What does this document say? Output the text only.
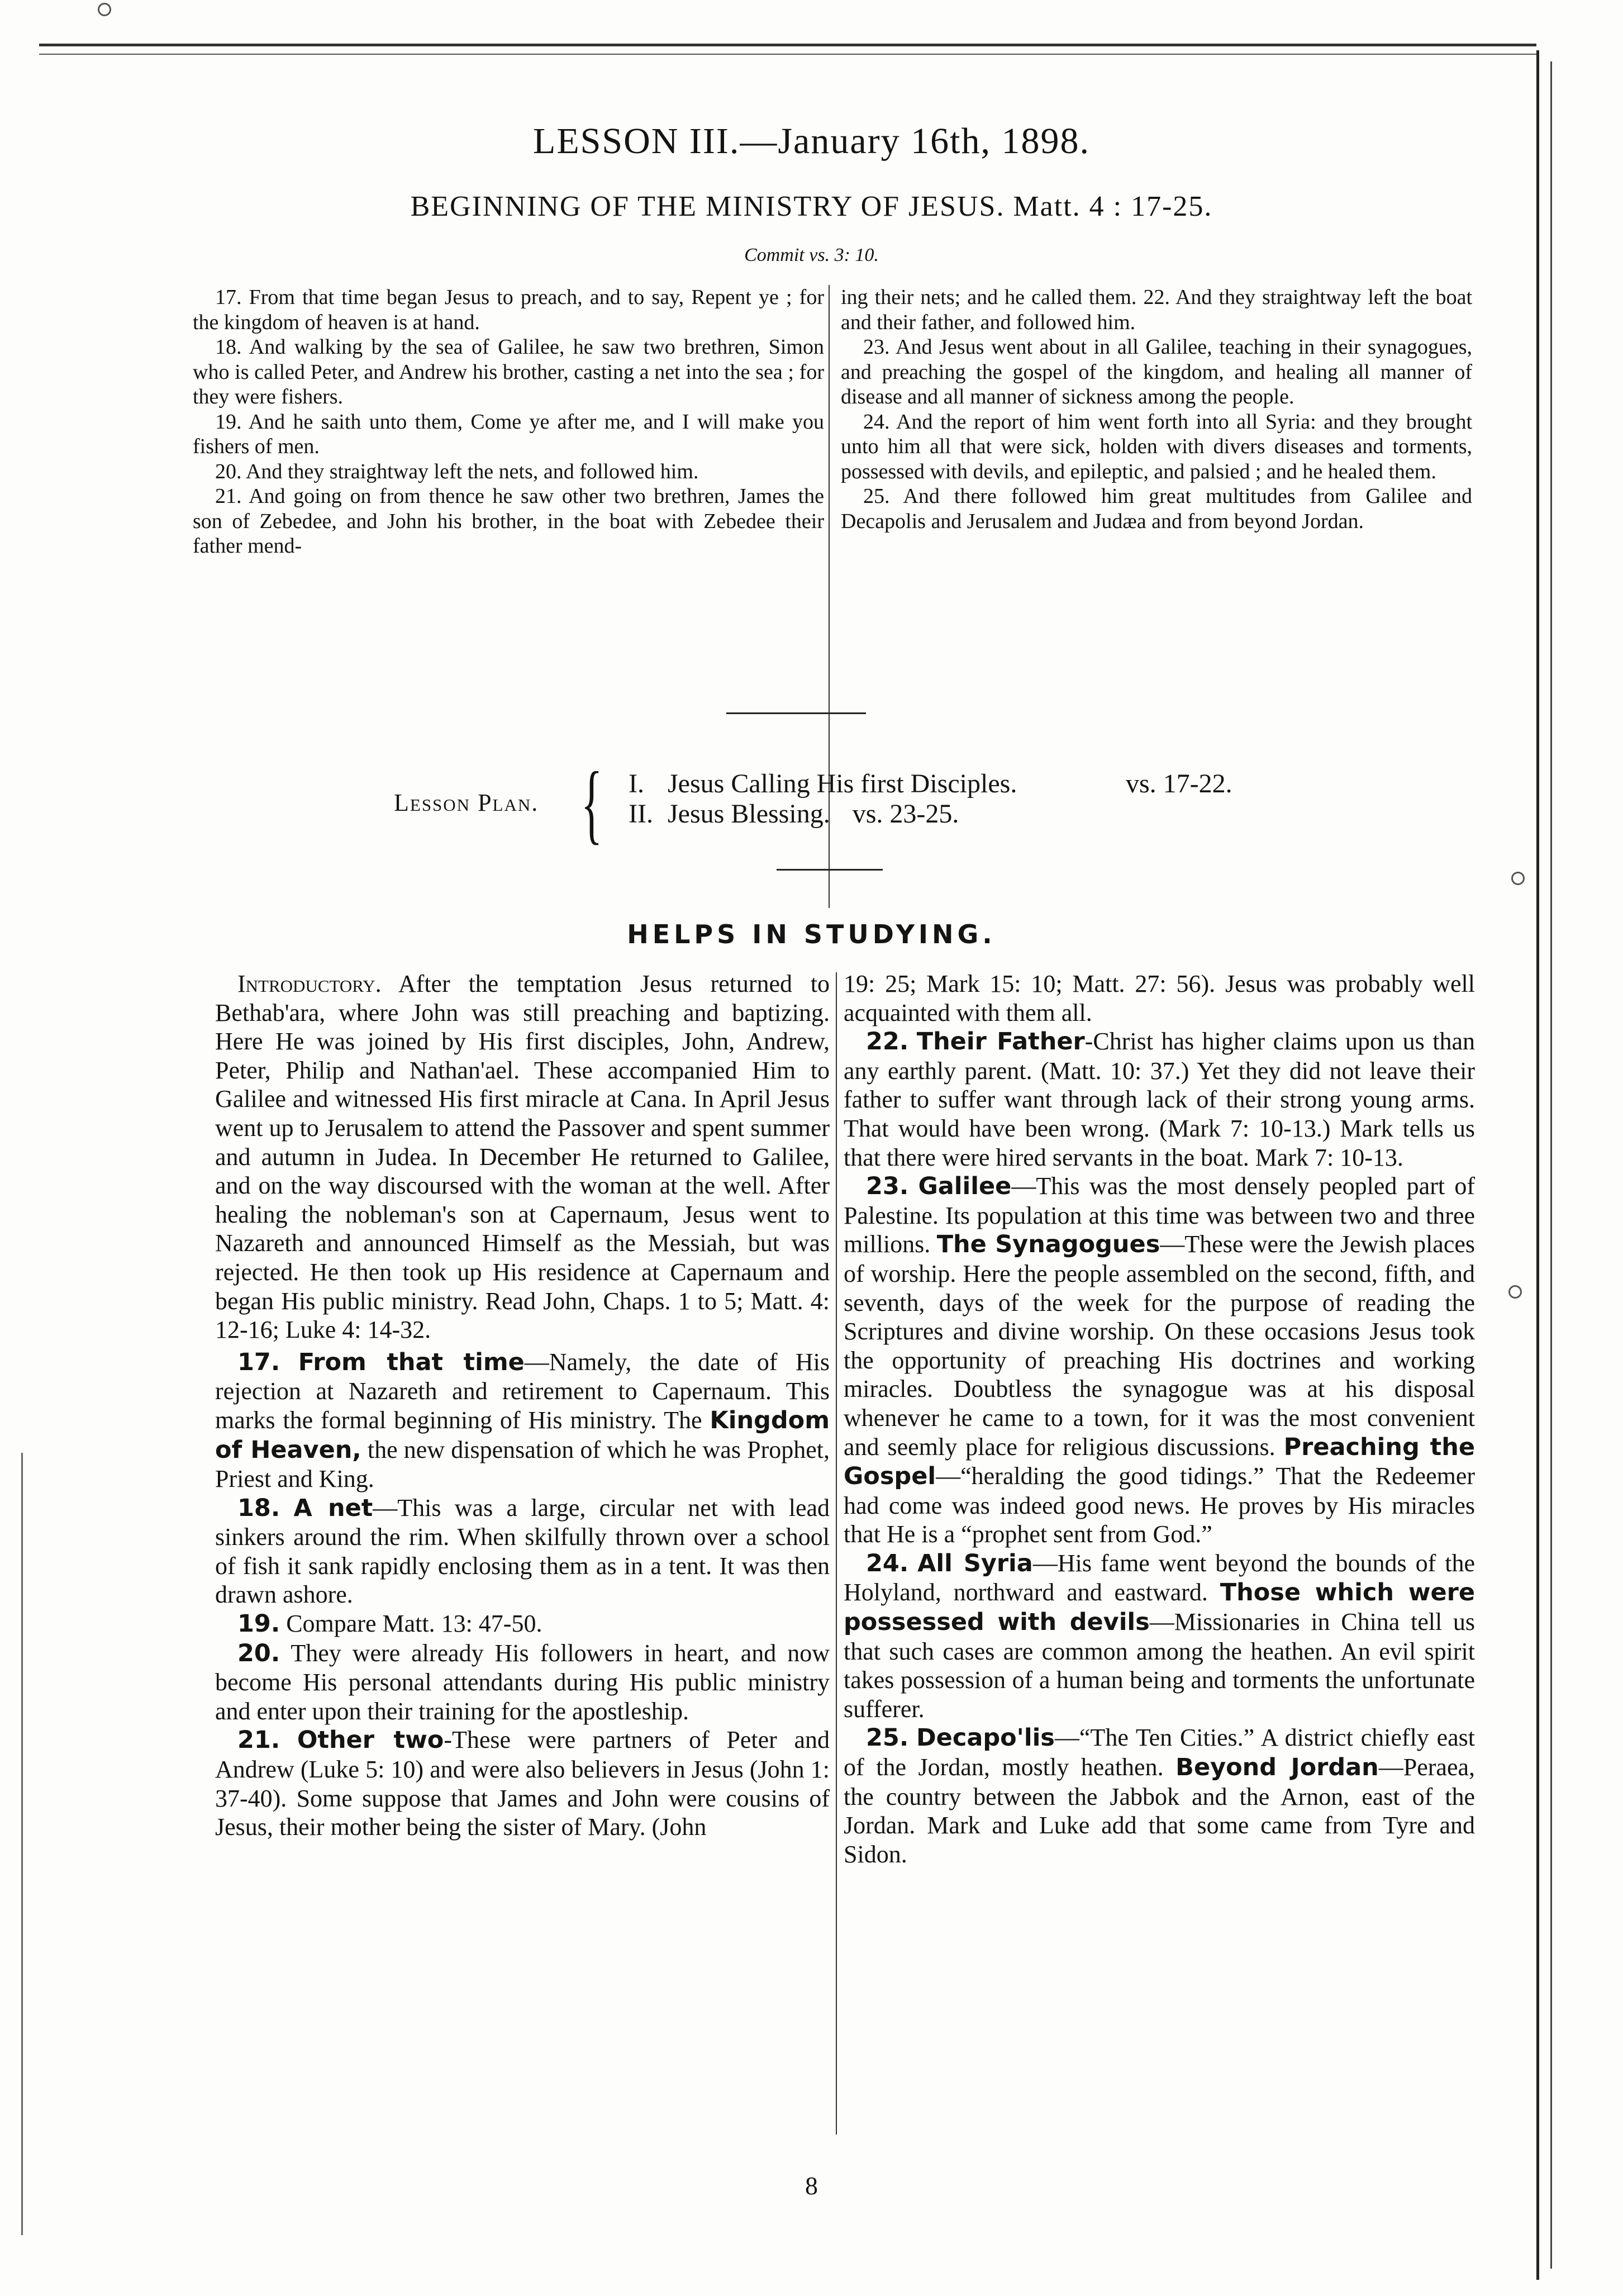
LESSON III.—January 16th, 1898.
BEGINNING OF THE MINISTRY OF JESUS. Matt. 4 : 17-25.
Commit vs. 3: 10.

17. From that time began Jesus to preach, and to say, Repent ye ; for the kingdom of heaven is at hand.

18. And walking by the sea of Galilee, he saw two brethren, Simon who is called Peter, and Andrew his brother, casting a net into the sea ; for they were fishers.

19. And he saith unto them, Come ye after me, and I will make you fishers of men.

20. And they straightway left the nets, and followed him.

21. And going on from thence he saw other two brethren, James the son of Zebedee, and John his brother, in the boat with Zebedee their father mend-

ing their nets; and he called them. 22. And they straightway left the boat and their father, and followed him.

23. And Jesus went about in all Galilee, teaching in their synagogues, and preaching the gospel of the kingdom, and healing all manner of disease and all manner of sickness among the people.

24. And the report of him went forth into all Syria: and they brought unto him all that were sick, holden with divers diseases and torments, possessed with devils, and epileptic, and palsied ; and he healed them.

25. And there followed him great multitudes from Galilee and Decapolis and Jerusalem and Judæa and from beyond Jordan.

Lesson Plan. { I. Jesus Calling His first Disciples.	vs. 17-22.
II. Jesus Blessing. vs. 23-25.
HELPS IN STUDYING.

Introductory. After the temptation Jesus returned to Bethab'ara, where John was still preaching and baptizing. Here He was joined by His first disciples, John, Andrew, Peter, Philip and Nathan'ael. These accompanied Him to Galilee and witnessed His first miracle at Cana. In April Jesus went up to Jerusalem to attend the Passover and spent summer and autumn in Judea. In December He returned to Galilee, and on the way discoursed with the woman at the well. After healing the nobleman's son at Capernaum, Jesus went to Nazareth and announced Himself as the Messiah, but was rejected. He then took up His residence at Capernaum and began His public ministry. Read John, Chaps. 1 to 5; Matt. 4: 12-16; Luke 4: 14-32.

17. From that time—Namely, the date of His rejection at Nazareth and retirement to Capernaum. This marks the formal beginning of His ministry. The Kingdom of Heaven, the new dispensation of which he was Prophet, Priest and King.

18. A net—This was a large, circular net with lead sinkers around the rim. When skilfully thrown over a school of fish it sank rapidly enclosing them as in a tent. It was then drawn ashore.

19. Compare Matt. 13: 47-50.

20. They were already His followers in heart, and now become His personal attendants during His public ministry and enter upon their training for the apostleship.

21. Other two-These were partners of Peter and Andrew (Luke 5: 10) and were also believers in Jesus (John 1: 37-40). Some suppose that James and John were cousins of Jesus, their mother being the sister of Mary. (John

19: 25; Mark 15: 10; Matt. 27: 56). Jesus was probably well acquainted with them all.

22. Their Father-Christ has higher claims upon us than any earthly parent. (Matt. 10: 37.) Yet they did not leave their father to suffer want through lack of their strong young arms. That would have been wrong. (Mark 7: 10-13.) Mark tells us that there were hired servants in the boat. Mark 7: 10-13.

23. Galilee—This was the most densely peopled part of Palestine. Its population at this time was between two and three millions. The Synagogues—These were the Jewish places of worship. Here the people assembled on the second, fifth, and seventh, days of the week for the purpose of reading the Scriptures and divine worship. On these occasions Jesus took the opportunity of preaching His doctrines and working miracles. Doubtless the synagogue was at his disposal whenever he came to a town, for it was the most convenient and seemly place for religious discussions. Preaching the Gospel—“heralding the good tidings.” That the Redeemer had come was indeed good news. He proves by His miracles that He is a “prophet sent from God.”

24. All Syria—His fame went beyond the bounds of the Holyland, northward and eastward. Those which were possessed with devils—Missionaries in China tell us that such cases are common among the heathen. An evil spirit takes possession of a human being and torments the unfortunate sufferer.

25. Decapo'lis—“The Ten Cities.” A district chiefly east of the Jordan, mostly heathen. Beyond Jordan—Peraea, the country between the Jabbok and the Arnon, east of the Jordan. Mark and Luke add that some came from Tyre and Sidon.

8
